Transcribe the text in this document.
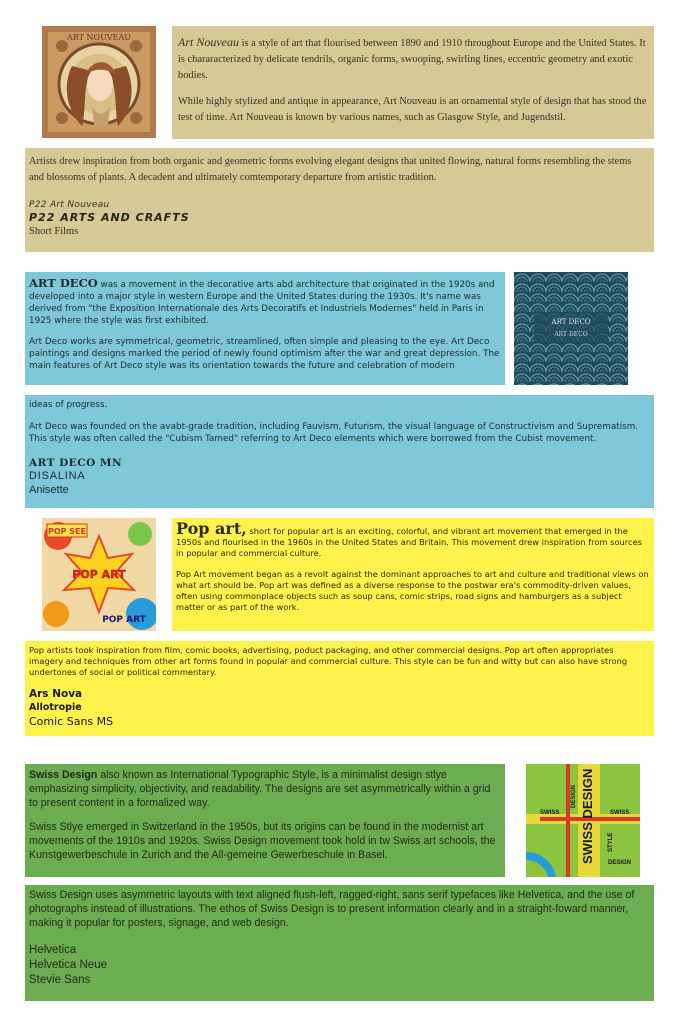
ART NOUVEAU	Art Nouveau is a style of art that flourised between 1890 and 1910 throughout Europe and the United States. It is chararacterized by delicate tendrils, organic forms, swooping, swirling lines, eccentric geometry and exotic bodies.

While highly stylized and antique in appearance, Art Nouveau is an ornamental style of design that has stood the test of time. Art Nouveau is known by various names, such as Glasgow Style, and Jugendstil.

Artists drew inspiration from both organic and geometric forms evolving elegant designs that united flowing, natural forms resembling the stems and blossoms of plants. A decadent and ultimately comtemporary departure from artistic tradition.

P22 Art Nouveau
P22 ARTS AND CRAFTS
Short Films

ART DECO was a movement in the decorative arts abd architecture that originated in the 1920s and developed into a major style in western Europe and the United States during the 1930s. It's name was derived from "the Exposition Internationale des Arts Decoratifs et Industriels Modernes" held in Paris in 1925 where the style was first exhibited.

Art Deco works are symmetrical, geometric, streamlined, often simple and pleasing to the eye. Art Deco paintings and designs marked the period of newly found optimism after the war and great depression. The main features of Art Deco style was its orientation towards the future and celebration of modern

ART DECO
ART DECO

ideas of progress.

Art Deco was founded on the avabt-grade tradition, including Fauvism, Futurism, the visual language of Constructivism and Suprematism. This style was often called the "Cubism Tamed" referring to Art Deco elements which were borrowed from the Cubist movement.

ART DECO MN
DISALINA
Anisette
POP SEE
POP ART
POP ART

Pop art, short for popular art is an exciting, colorful, and vibrant art movement that emerged in the 1950s and flourised in the 1960s in the United States and Britain. This movement drew inspiration from sources in popular and commercial culture.

Pop Art movement began as a revolt against the dominant approaches to art and culture and traditional views on what art should be. Pop art was defined as a diverse response to the postwar era's commodity-driven values, often using commonplace objects such as soup cans, comic strips, road signs and hamburgers as a subject matter or as part of the work.

Pop artists took inspiration from film, comic books, advertising, poduct packaging, and other commercial designs. Pop art often appropriates imagery and techniques from other art forms found in popular and commercial culture. This style can be fun and witty but can also have strong undertones of social or political commentary.

Ars Nova
Allotropie
Comic Sans MS

Swiss Design also known as International Typographic Style, is a minimalist design stlye emphasizing simplicity, objectivity, and readability. The designs are set asymmetrically within a grid to present content in a formalized way.

Swiss Stlye emerged in Switzerland in the 1950s, but its origins can be found in the modernist art movements of the 1910s and 1920s. Swiss Design movement took hold in tw Swiss art schools, the Kunstgewerbeschule in Zurich and the All-gemeine Gewerbeschule in Basel.	SWISS DESIGN
DESIGN
SWISS	SWISS
STYLE
DESIGN

Swiss Design uses asymmetric layouts with text aligned flush-left, ragged-right, sans serif typefaces like Helvetica, and the use of photographs instead of illustrations. The ethos of Swiss Design is to present information clearly and in a straight-foward manner, making it popular for posters, signage, and web design.

Helvetica
Helvetica Neue
Stevie Sans
